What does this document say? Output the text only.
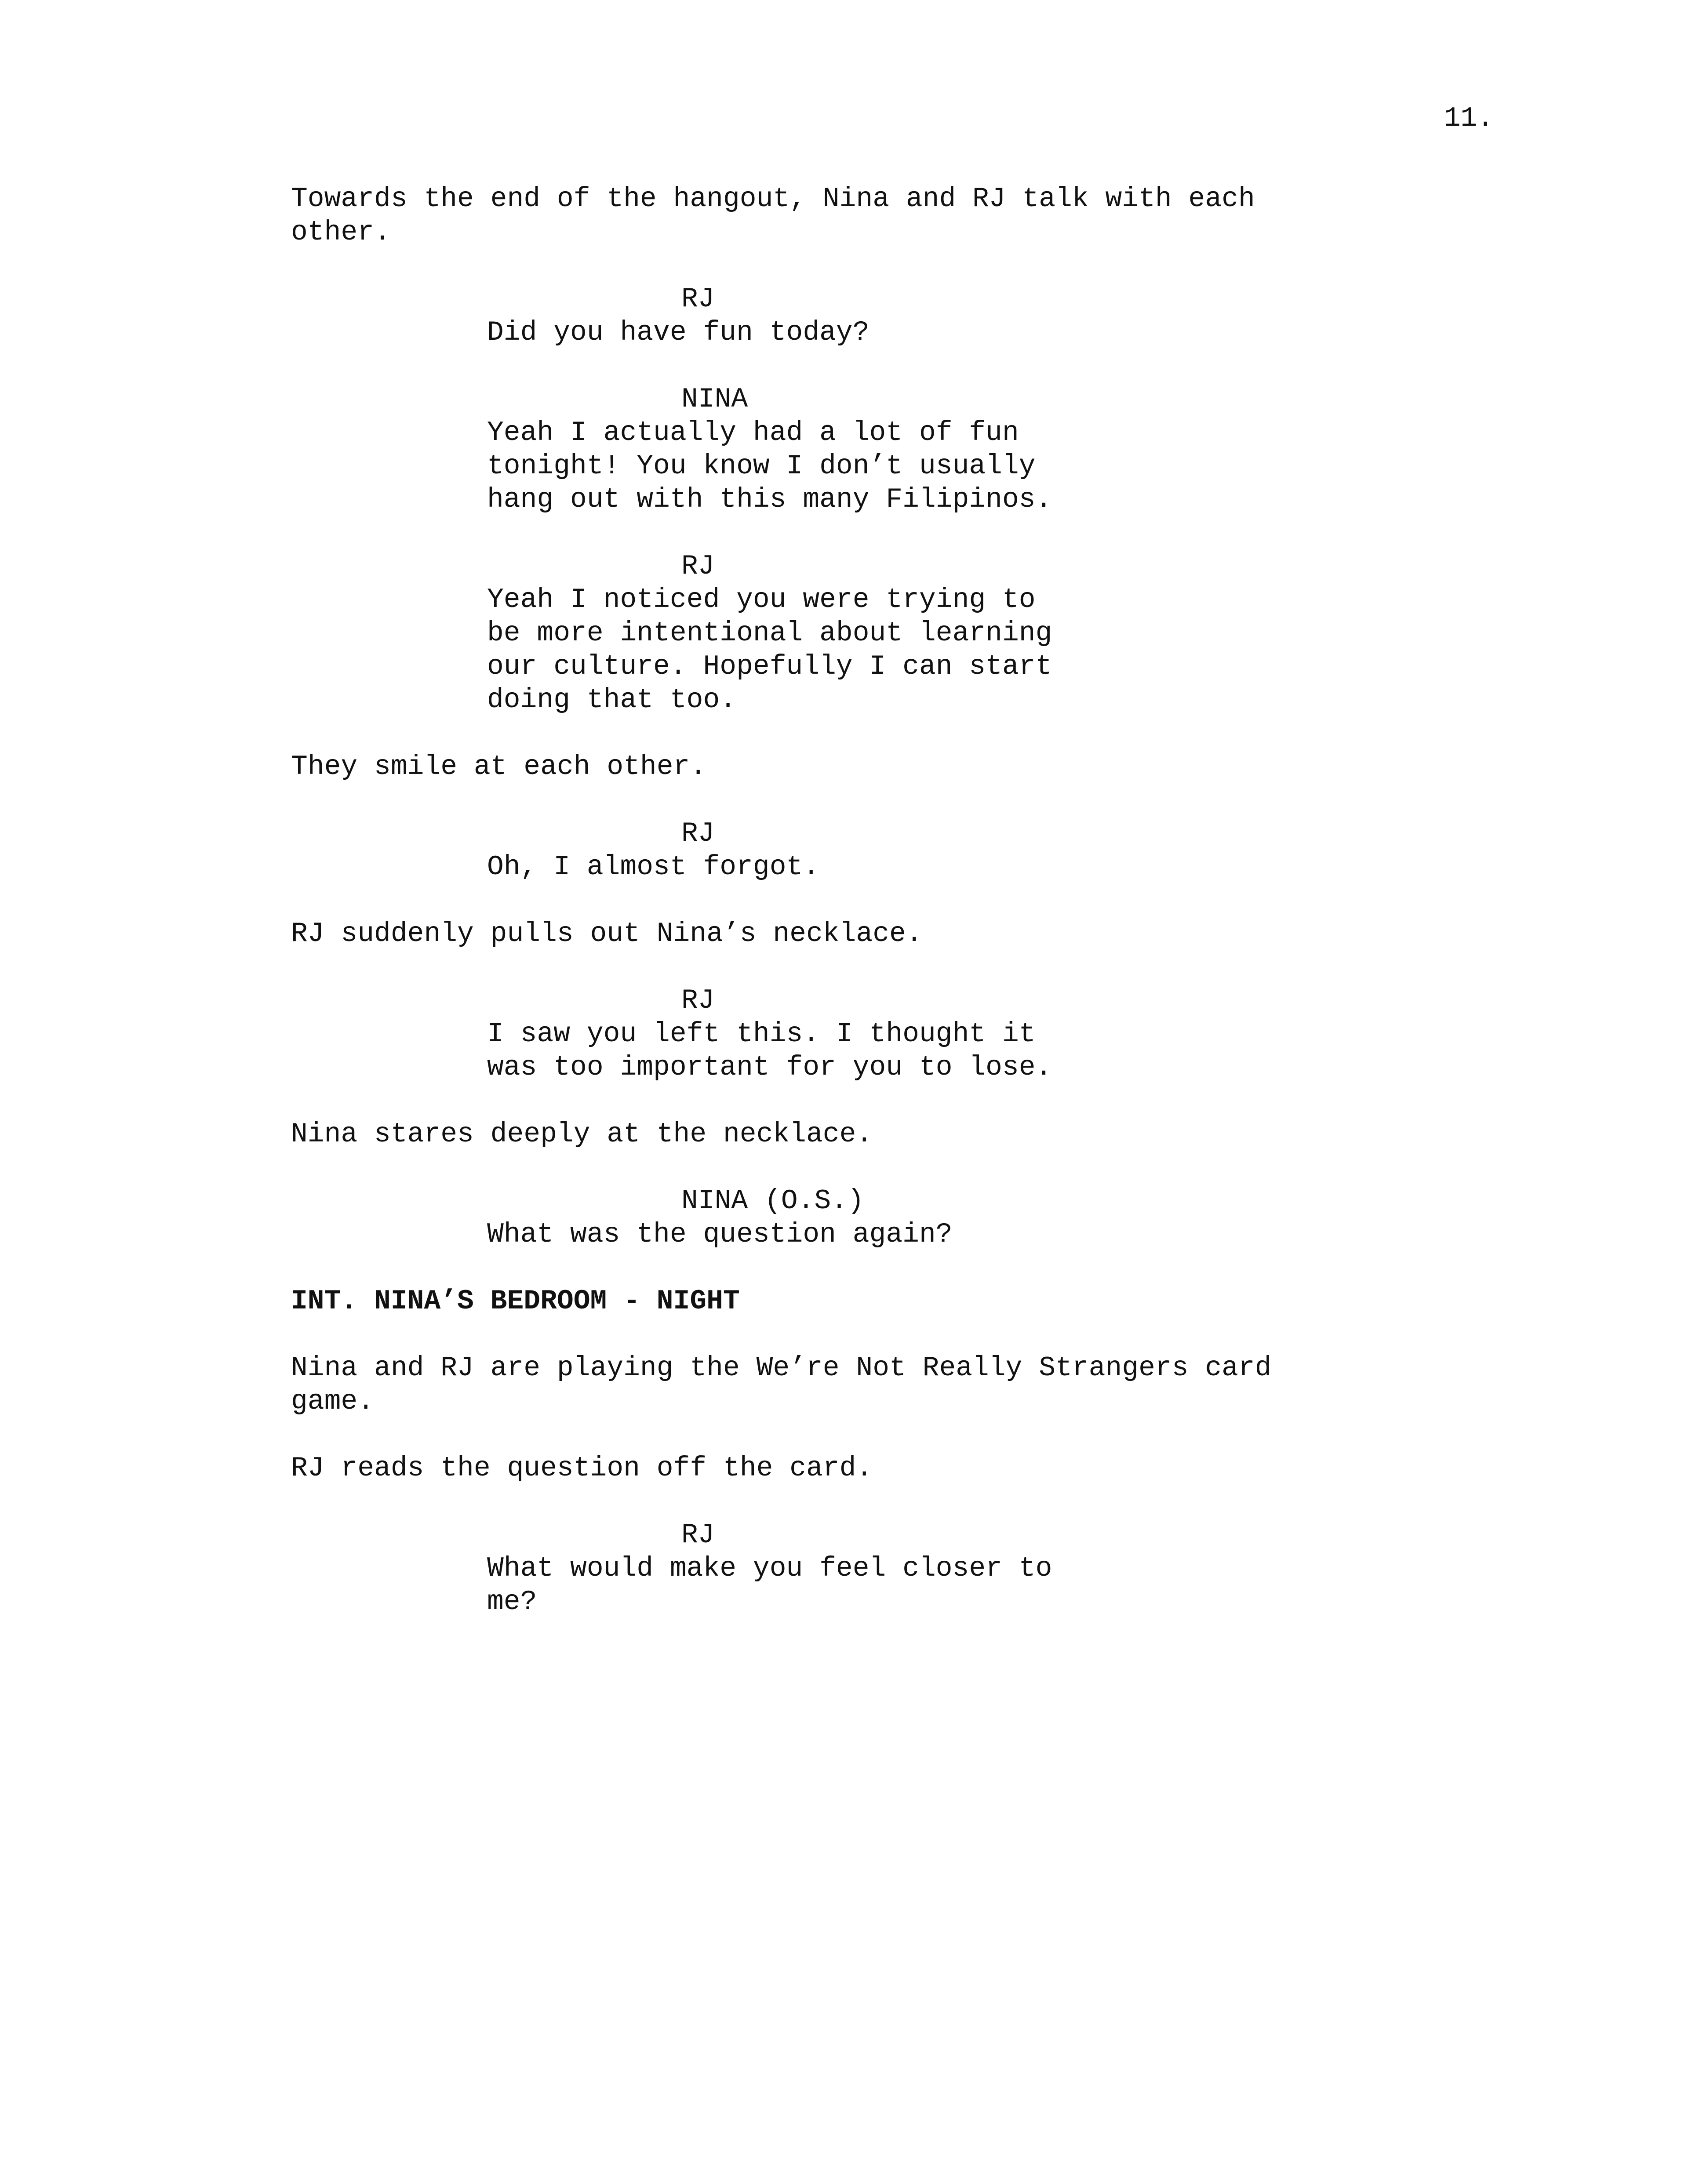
11.

Towards the end of the hangout, Nina and RJ talk with each
other.

RJ

Did you have fun today?

NINA

Yeah I actually had a lot of fun
tonight! You know I don’t usually
hang out with this many Filipinos.

RJ

Yeah I noticed you were trying to
be more intentional about learning
our culture. Hopefully I can start
doing that too.

They smile at each other.

RJ

Oh, I almost forgot.

RJ suddenly pulls out Nina’s necklace.

RJ

I saw you left this. I thought it
was too important for you to lose.

Nina stares deeply at the necklace.

NINA (O.S.)

What was the question again?

INT. NINA’S BEDROOM - NIGHT

Nina and RJ are playing the We’re Not Really Strangers card
game.

RJ reads the question off the card.

RJ

What would make you feel closer to
me?
